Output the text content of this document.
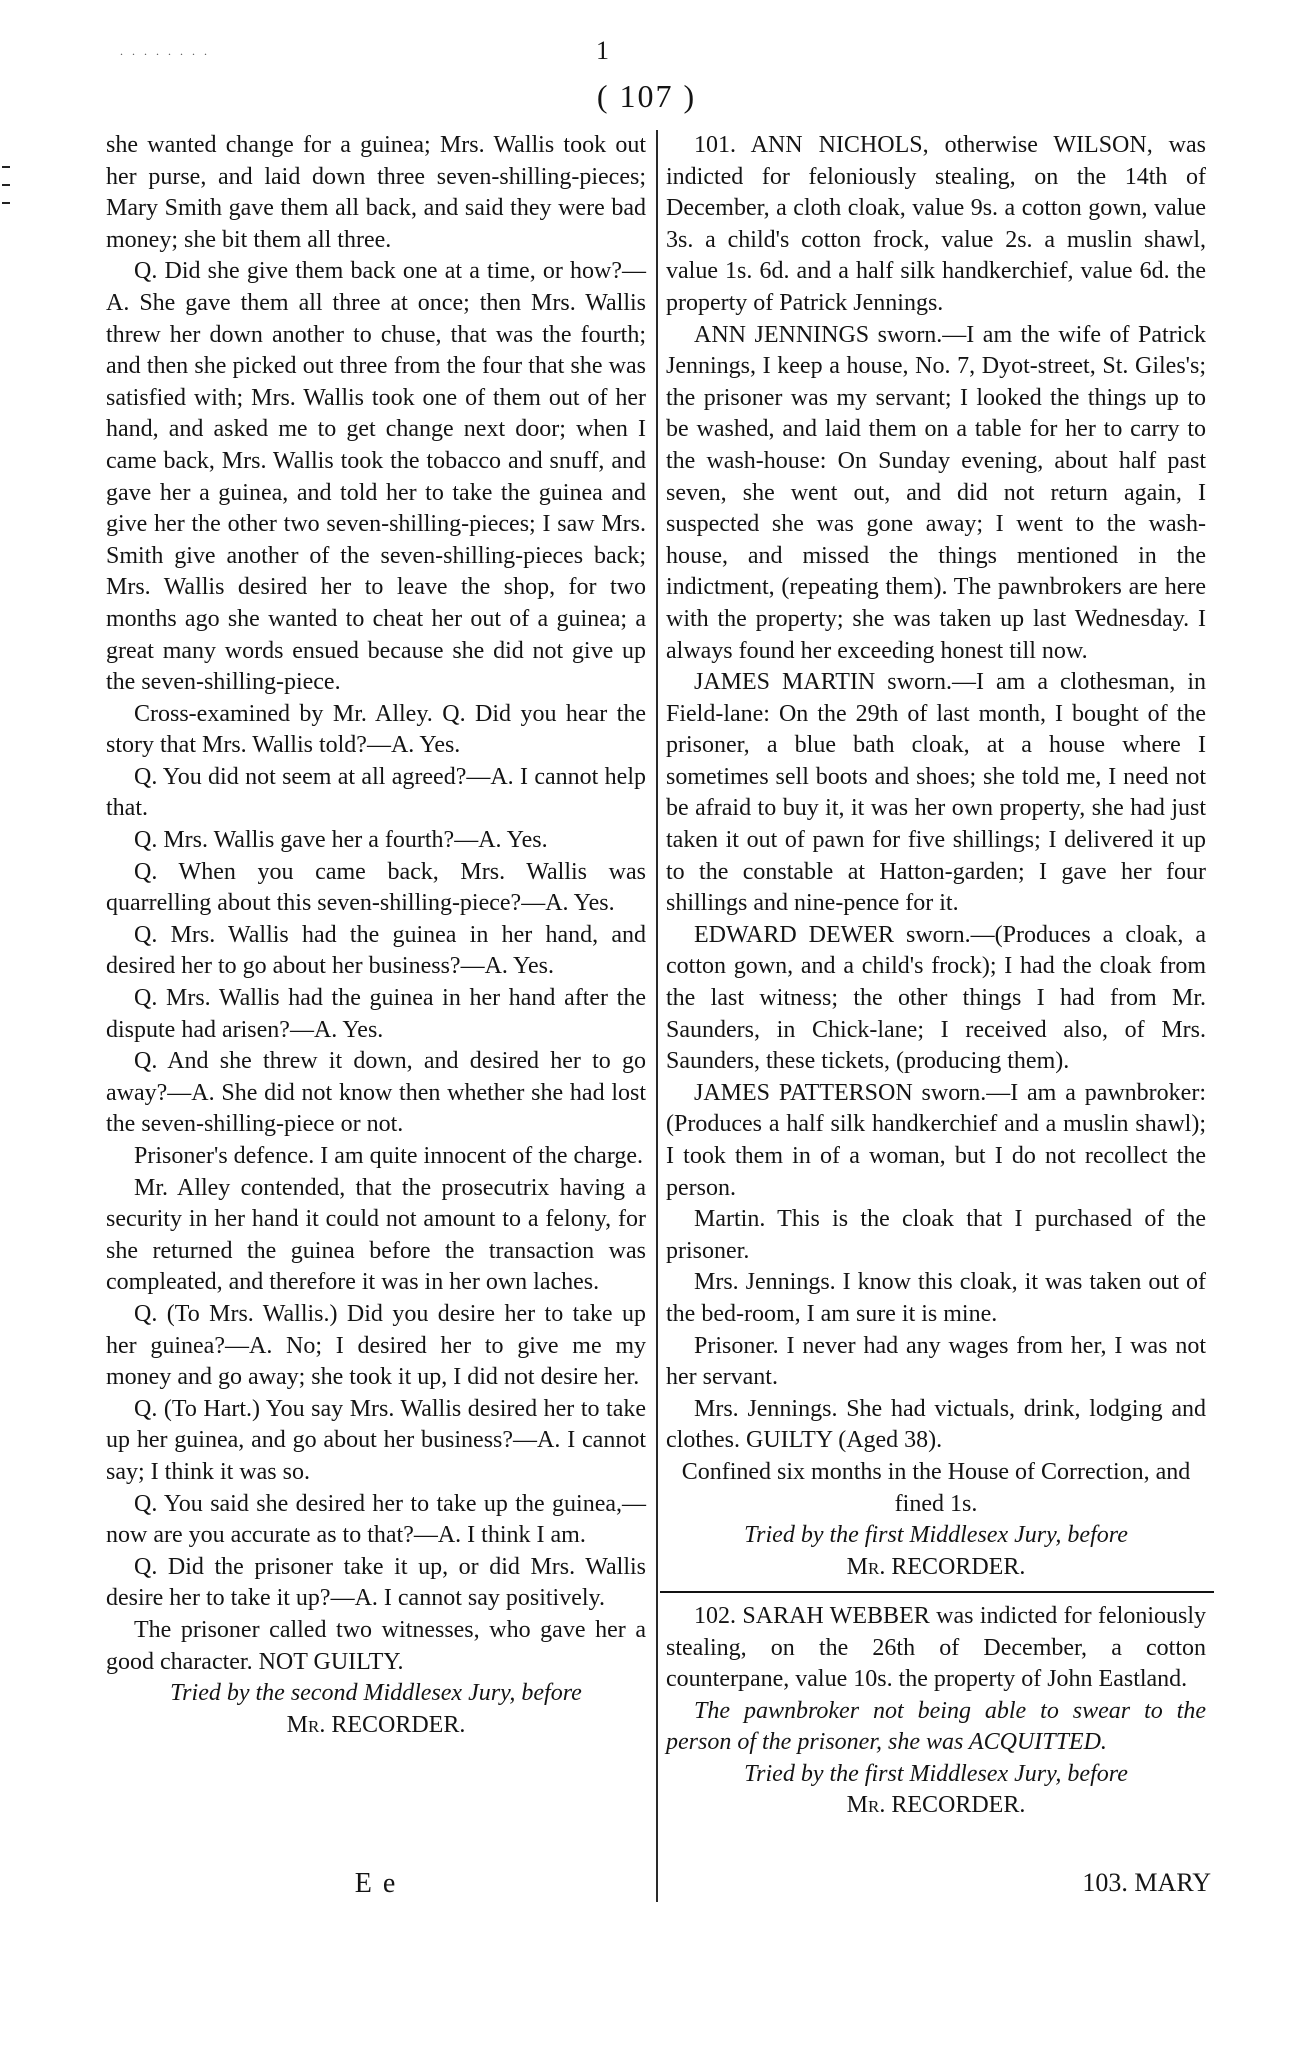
. . . . . . . .	1
( 107 )

she wanted change for a guinea; Mrs. Wallis took out her purse, and laid down three seven-shilling-pieces; Mary Smith gave them all back, and said they were bad money; she bit them all three.

Q. Did she give them back one at a time, or how?—A. She gave them all three at once; then Mrs. Wallis threw her down another to chuse, that was the fourth; and then she picked out three from the four that she was satisfied with; Mrs. Wallis took one of them out of her hand, and asked me to get change next door; when I came back, Mrs. Wallis took the tobacco and snuff, and gave her a guinea, and told her to take the guinea and give her the other two seven-shilling-pieces; I saw Mrs. Smith give another of the seven-shilling-pieces back; Mrs. Wallis desired her to leave the shop, for two months ago she wanted to cheat her out of a guinea; a great many words ensued because she did not give up the seven-shilling-piece.

Cross-examined by Mr. Alley. Q. Did you hear the story that Mrs. Wallis told?—A. Yes.

Q. You did not seem at all agreed?—A. I cannot help that.

Q. Mrs. Wallis gave her a fourth?—A. Yes.

Q. When you came back, Mrs. Wallis was quarrelling about this seven-shilling-piece?—A. Yes.

Q. Mrs. Wallis had the guinea in her hand, and desired her to go about her business?—A. Yes.

Q. Mrs. Wallis had the guinea in her hand after the dispute had arisen?—A. Yes.

Q. And she threw it down, and desired her to go away?—A. She did not know then whether she had lost the seven-shilling-piece or not.

Prisoner's defence. I am quite innocent of the charge.

Mr. Alley contended, that the prosecutrix having a security in her hand it could not amount to a felony, for she returned the guinea before the transaction was compleated, and therefore it was in her own laches.

Q. (To Mrs. Wallis.) Did you desire her to take up her guinea?—A. No; I desired her to give me my money and go away; she took it up, I did not desire her.

Q. (To Hart.) You say Mrs. Wallis desired her to take up her guinea, and go about her business?—A. I cannot say; I think it was so.

Q. You said she desired her to take up the guinea,—now are you accurate as to that?—A. I think I am.

Q. Did the prisoner take it up, or did Mrs. Wallis desire her to take it up?—A. I cannot say positively.

The prisoner called two witnesses, who gave her a good character. NOT GUILTY.

Tried by the second Middlesex Jury, before

Mr. RECORDER.

101. ANN NICHOLS, otherwise WILSON, was indicted for feloniously stealing, on the 14th of December, a cloth cloak, value 9s. a cotton gown, value 3s. a child's cotton frock, value 2s. a muslin shawl, value 1s. 6d. and a half silk handkerchief, value 6d. the property of Patrick Jennings.

ANN JENNINGS sworn.—I am the wife of Patrick Jennings, I keep a house, No. 7, Dyot-street, St. Giles's; the prisoner was my servant; I looked the things up to be washed, and laid them on a table for her to carry to the wash-house: On Sunday evening, about half past seven, she went out, and did not return again, I suspected she was gone away; I went to the wash-house, and missed the things mentioned in the indictment, (repeating them). The pawnbrokers are here with the property; she was taken up last Wednesday. I always found her exceeding honest till now.

JAMES MARTIN sworn.—I am a clothesman, in Field-lane: On the 29th of last month, I bought of the prisoner, a blue bath cloak, at a house where I sometimes sell boots and shoes; she told me, I need not be afraid to buy it, it was her own property, she had just taken it out of pawn for five shillings; I delivered it up to the constable at Hatton-garden; I gave her four shillings and nine-pence for it.

EDWARD DEWER sworn.—(Produces a cloak, a cotton gown, and a child's frock); I had the cloak from the last witness; the other things I had from Mr. Saunders, in Chick-lane; I received also, of Mrs. Saunders, these tickets, (producing them).

JAMES PATTERSON sworn.—I am a pawnbroker: (Produces a half silk handkerchief and a muslin shawl); I took them in of a woman, but I do not recollect the person.

Martin. This is the cloak that I purchased of the prisoner.

Mrs. Jennings. I know this cloak, it was taken out of the bed-room, I am sure it is mine.

Prisoner. I never had any wages from her, I was not her servant.

Mrs. Jennings. She had victuals, drink, lodging and clothes. GUILTY (Aged 38).

Confined six months in the House of Correction, and fined 1s.

Tried by the first Middlesex Jury, before

Mr. RECORDER.

102. SARAH WEBBER was indicted for feloniously stealing, on the 26th of December, a cotton counterpane, value 10s. the property of John Eastland.

The pawnbroker not being able to swear to the person of the prisoner, she was ACQUITTED.

Tried by the first Middlesex Jury, before

Mr. RECORDER.

E e	103. MARY
